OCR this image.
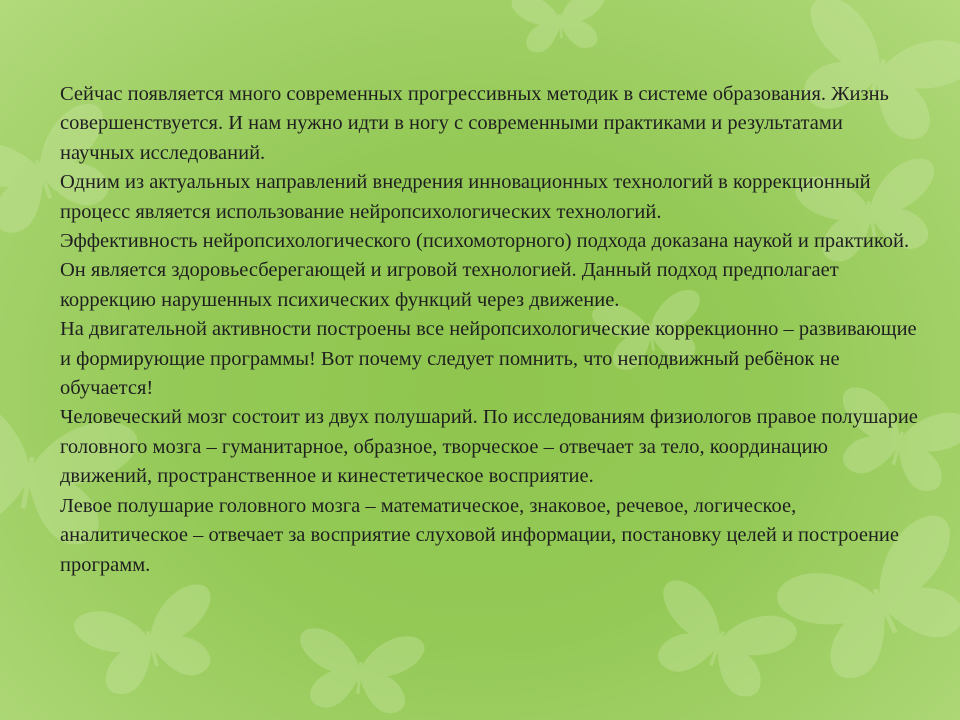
Сейчас появляется много современных прогрессивных методик в системе образования. Жизнь совершенствуется. И нам нужно идти в ногу с современными практиками и результатами научных исследований.

Одним из актуальных направлений внедрения инновационных технологий в коррекционный процесс является использование нейропсихологических технологий.

Эффективность нейропсихологического (психомоторного) подхода доказана наукой и практикой. Он является здоровьесберегающей и игровой технологией. Данный подход предполагает коррекцию нарушенных психических функций через движение.

На двигательной активности построены все нейропсихологические коррекционно – развивающие и формирующие программы! Вот почему следует помнить, что неподвижный ребёнок не обучается!

Человеческий мозг состоит из двух полушарий. По исследованиям физиологов правое полушарие головного мозга – гуманитарное, образное, творческое – отвечает за тело, координацию движений, пространственное и кинестетическое восприятие.

Левое полушарие головного мозга – математическое, знаковое, речевое, логическое, аналитическое – отвечает за восприятие слуховой информации, постановку целей и построение программ.
